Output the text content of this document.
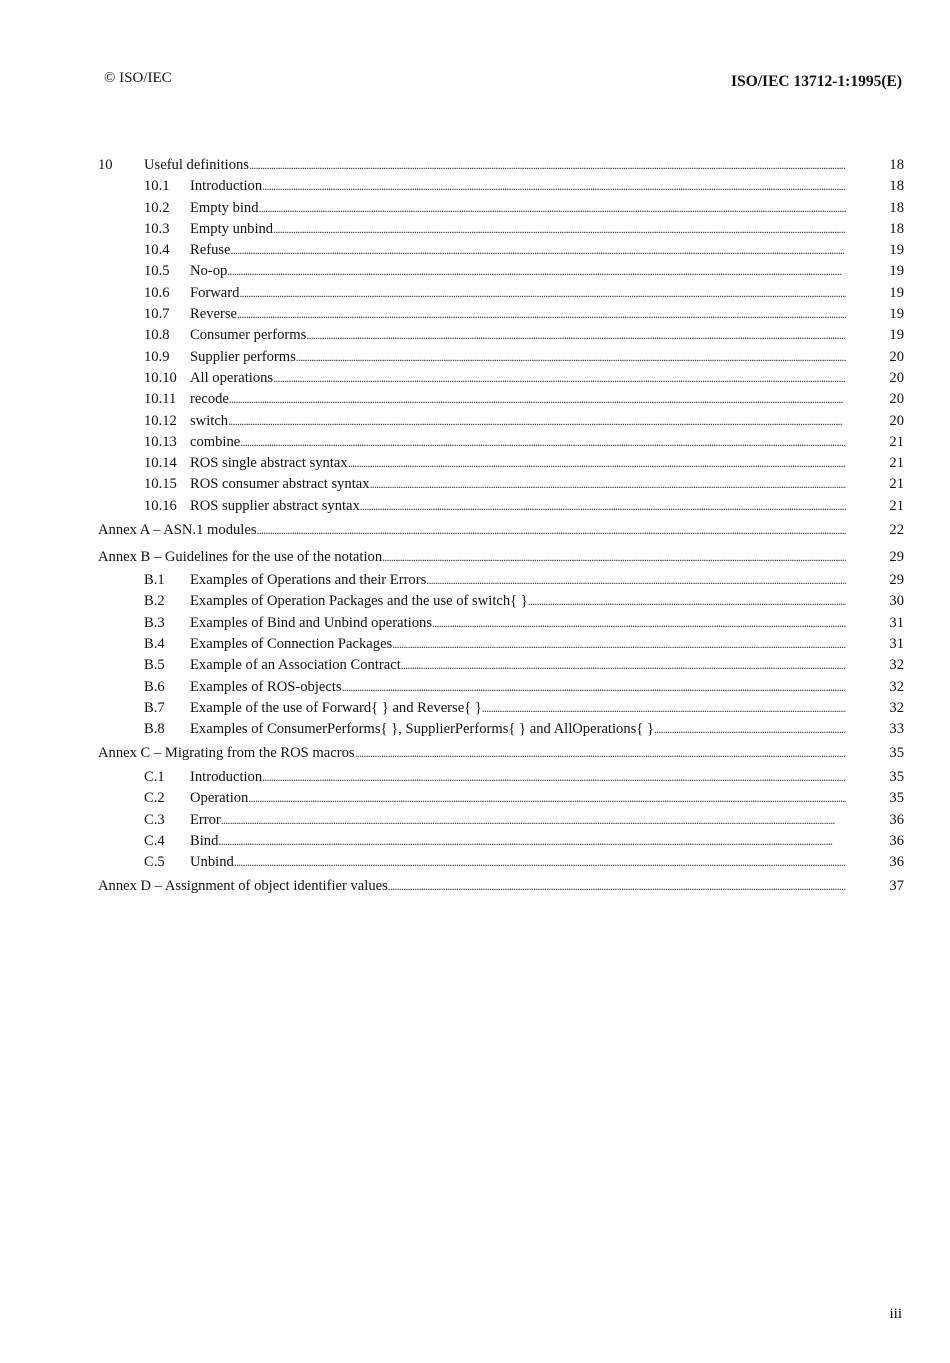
© ISO/IEC	ISO/IEC 13712-1:1995(E)
10	Useful definitions . . .	18
10.1	Introduction . . .	18
10.2	Empty bind . . .	18
10.3	Empty unbind . . .	18
10.4	Refuse . . .	19
10.5	No-op . . .	19
10.6	Forward . . .	19
10.7	Reverse . . .	19
10.8	Consumer performs . . .	19
10.9	Supplier performs . . .	20
10.10 All operations . . .	20
10.11 recode . . .	20
10.12 switch . . .	20
10.13 combine . . .	21
10.14 ROS single abstract syntax . . .	21
10.15 ROS consumer abstract syntax . . .	21
10.16 ROS supplier abstract syntax . . .	21
Annex A – ASN.1 modules . . .	22
Annex B – Guidelines for the use of the notation . . .	29
B.1	Examples of Operations and their Errors . . .	29
B.2	Examples of Operation Packages and the use of switch{ } . . .	30
B.3	Examples of Bind and Unbind operations . . .	31
B.4	Examples of Connection Packages . . .	31
B.5	Example of an Association Contract . . .	32
B.6	Examples of ROS-objects . . .	32
B.7	Example of the use of Forward{ } and Reverse{ } . . .	32
B.8	Examples of ConsumerPerforms{ }, SupplierPerforms{ } and AllOperations{ } . . .	33
Annex C – Migrating from the ROS macros . . .	35
C.1	Introduction . . .	35
C.2	Operation . . .	35
C.3	Error . . .	36
C.4	Bind . . .	36
C.5	Unbind . . .	36
Annex D – Assignment of object identifier values . . .	37
iii
